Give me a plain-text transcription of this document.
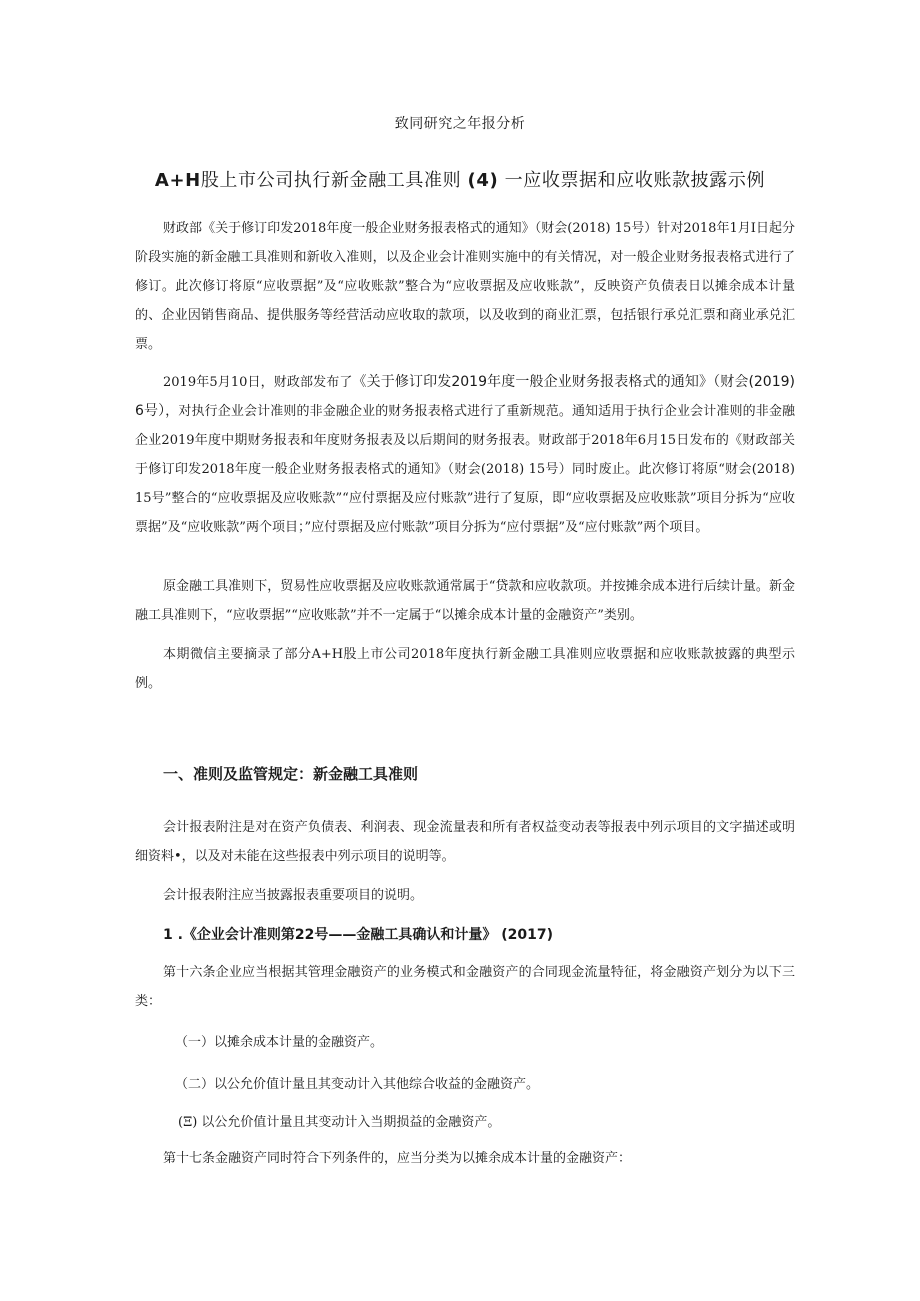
致同研究之年报分析
A+H股上市公司执行新金融工具准则 (4) 一应收票据和应收账款披露示例

财政部《关于修订印发2018年度一般企业财务报表格式的通知》（财会(2018) 15号）针对2018年1月I日起分阶段实施的新金融工具准则和新收入准则，以及企业会计准则实施中的有关情况，对一般企业财务报表格式进行了修订。此次修订将原“应收票据”及“应收账款”整合为“应收票据及应收账款”，反映资产负债表日以摊余成本计量的、企业因销售商品、提供服务等经营活动应收取的款项，以及收到的商业汇票，包括银行承兑汇票和商业承兑汇票。

2019年5月10日，财政部发布了《关于修订印发2019年度一般企业财务报表格式的通知》（财会(2019) 6号），对执行企业会计准则的非金融企业的财务报表格式进行了重新规范。通知适用于执行企业会计准则的非金融企业2019年度中期财务报表和年度财务报表及以后期间的财务报表。财政部于2018年6月15日发布的《财政部关于修订印发2018年度一般企业财务报表格式的通知》（财会(2018) 15号）同时废止。此次修订将原“财会(2018) 15号”整合的“应收票据及应收账款”“应付票据及应付账款”进行了复原，即“应收票据及应收账款”项目分拆为“应收票据”及“应收账款”两个项目；”应付票据及应付账款”项目分拆为“应付票据”及“应付账款”两个项目。

原金融工具准则下，贸易性应收票据及应收账款通常属于“贷款和应收款项。并按摊余成本进行后续计量。新金融工具准则下，“应收票据”“应收账款”并不一定属于“以摊余成本计量的金融资产”类别。

本期微信主要摘录了部分A+H股上市公司2018年度执行新金融工具准则应收票据和应收账款披露的典型示例。

一、准则及监管规定：新金融工具准则

会计报表附注是对在资产负债表、利润表、现金流量表和所有者权益变动表等报表中列示项目的文字描述或明细资料•，以及对未能在这些报表中列示项目的说明等。

会计报表附注应当披露报表重要项目的说明。

1 .《企业会计准则第22号——金融工具确认和计量》 (2017)

第十六条企业应当根据其管理金融资产的业务模式和金融资产的合同现金流量特征，将金融资产划分为以下三类：

（一）以摊余成本计量的金融资产。

（二）以公允价值计量且其变动计入其他综合收益的金融资产。

(Ξ) 以公允价值计量且其变动计入当期损益的金融资产。

第十七条金融资产同时符合下列条件的，应当分类为以摊余成本计量的金融资产：
